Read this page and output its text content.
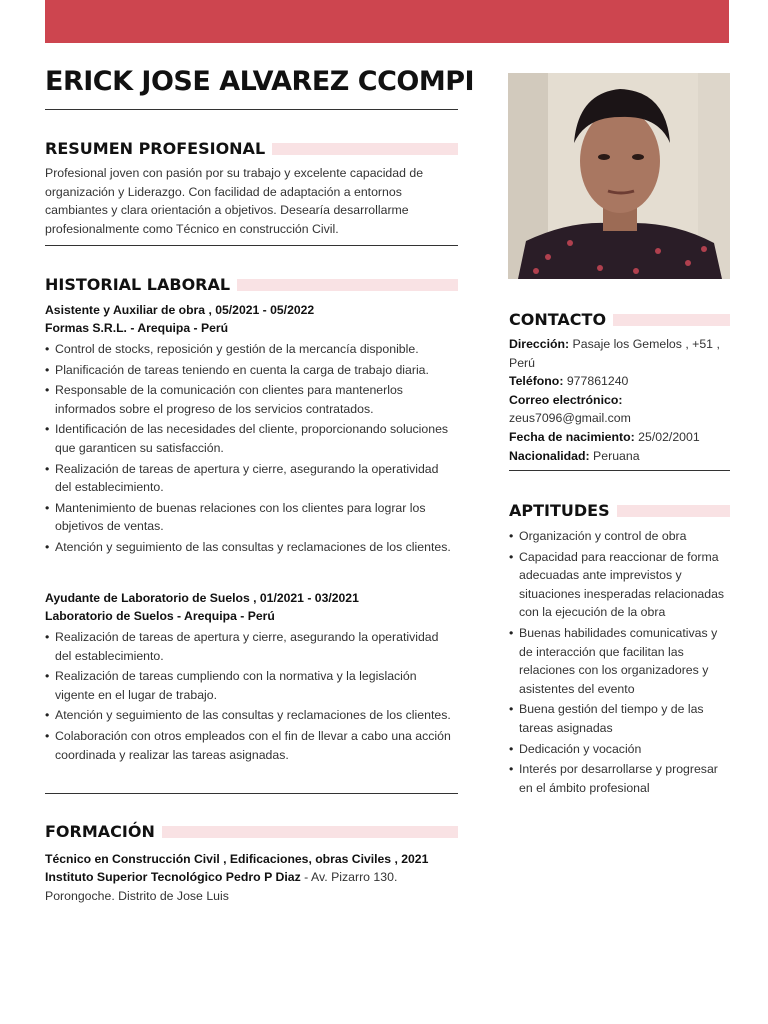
ERICK JOSE ALVAREZ CCOMPI
RESUMEN PROFESIONAL
Profesional joven con pasión por su trabajo y excelente capacidad de organización y Liderazgo. Con facilidad de adaptación a entornos cambiantes y clara orientación a objetivos. Desearía desarrollarme profesionalmente como Técnico en construcción Civil.
HISTORIAL LABORAL
Asistente y Auxiliar de obra , 05/2021 - 05/2022
Formas S.R.L. - Arequipa - Perú
• Control de stocks, reposición y gestión de la mercancía disponible.
• Planificación de tareas teniendo en cuenta la carga de trabajo diaria.
• Responsable de la comunicación con clientes para mantenerlos informados sobre el progreso de los servicios contratados.
• Identificación de las necesidades del cliente, proporcionando soluciones que garanticen su satisfacción.
• Realización de tareas de apertura y cierre, asegurando la operatividad del establecimiento.
• Mantenimiento de buenas relaciones con los clientes para lograr los objetivos de ventas.
• Atención y seguimiento de las consultas y reclamaciones de los clientes.
Ayudante de Laboratorio de Suelos , 01/2021 - 03/2021
Laboratorio de Suelos - Arequipa - Perú
• Realización de tareas de apertura y cierre, asegurando la operatividad del establecimiento.
• Realización de tareas cumpliendo con la normativa y la legislación vigente en el lugar de trabajo.
• Atención y seguimiento de las consultas y reclamaciones de los clientes.
• Colaboración con otros empleados con el fin de llevar a cabo una acción coordinada y realizar las tareas asignadas.
FORMACIÓN
Técnico en Construcción Civil , Edificaciones, obras Civiles , 2021
Instituto Superior Tecnológico Pedro P Diaz - Av. Pizarro 130. Porongoche. Distrito de Jose Luis
CONTACTO
Dirección: Pasaje los Gemelos , +51 , Perú
Teléfono: 977861240
Correo electrónico:
zeus7096@gmail.com
Fecha de nacimiento: 25/02/2001
Nacionalidad: Peruana
APTITUDES
• Organización y control de obra
• Capacidad para reaccionar de forma adecuadas ante imprevistos y situaciones inesperadas relacionadas con la ejecución de la obra
• Buenas habilidades comunicativas y de interacción que facilitan las relaciones con los organizadores y asistentes del evento
• Buena gestión del tiempo y de las tareas asignadas
• Dedicación y vocación
• Interés por desarrollarse y progresar en el ámbito profesional
